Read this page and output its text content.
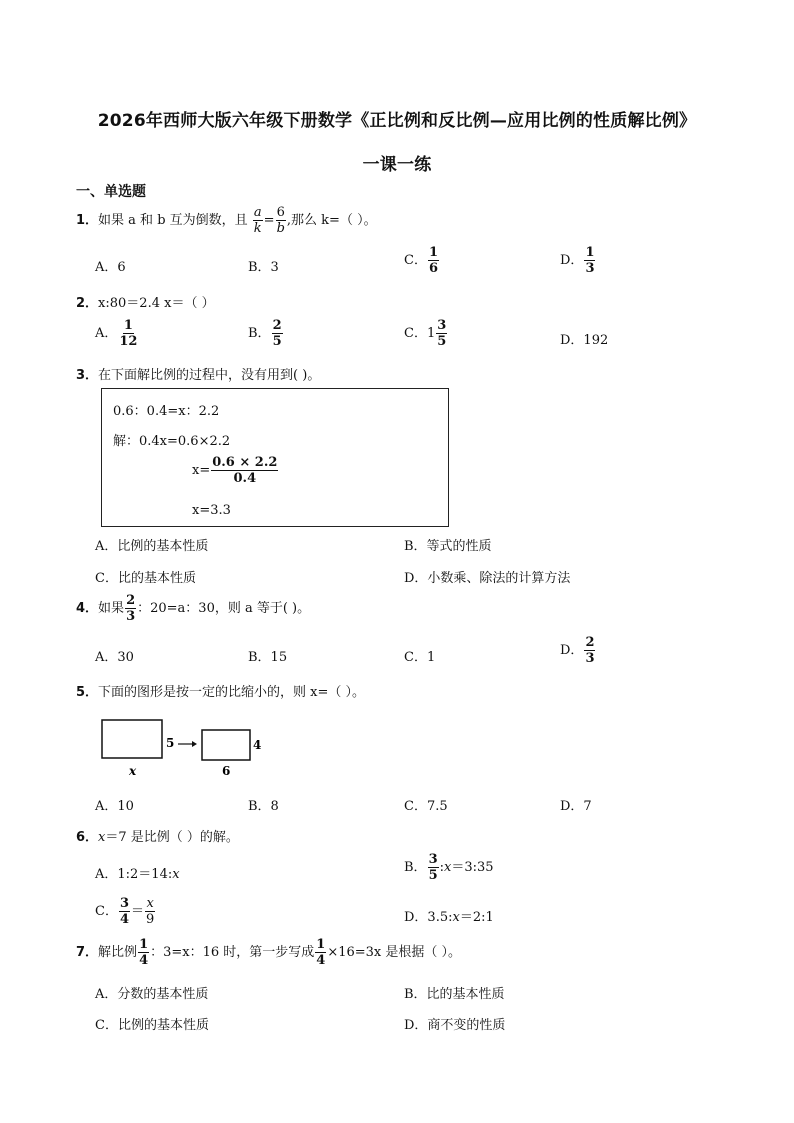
2026年西师大版六年级下册数学《正比例和反比例—应用比例的性质解比例》
一课一练
一、单选题
1．如果 a 和 b 互为倒数，且 $\frac{a}{k} = \frac{6}{b}$ ,那么 k=（ ）。
A．6	B．3	C． $\frac{1}{6}$	D． $\frac{1}{3}$
2．x:80＝2.4 x＝（ ）
A． $\frac{1}{12}$	B． $\frac{2}{5}$	C． $1 \frac{3}{5}$	D．192
3．在下面解比例的过程中，没有用到( )。
0.6：0.4=x：2.2
解：0.4x=0.6×2.2
$x= \frac{0.6 \times 2.2}{0.4}$
x=3.3
A．比例的基本性质	B．等式的性质
C．比的基本性质	D．小数乘、除法的计算方法
4．如果 $\frac{2}{3}$ ：20=a：30，则 a 等于( )。
A．30	B．15	C．1	D． $\frac{2}{3}$
5．下面的图形是按一定的比缩小的，则 x=（ ）。
x
5	4
6
A．10	B．8	C．7.5	D．7
6．x＝7 是比例（ ）的解。
A．1:2＝14:x	B． $\frac{3}{5}$ :x＝3:35
C． $\frac{3}{4} = \frac{x}{9}$	D．3.5:x＝2:1
7．解比例 $\frac{1}{4}$ ：3=x：16 时，第一步写成 $\frac{1}{4} \times 16=3x$ 是根据（ ）。
A．分数的基本性质	B．比的基本性质
C．比例的基本性质	D．商不变的性质
